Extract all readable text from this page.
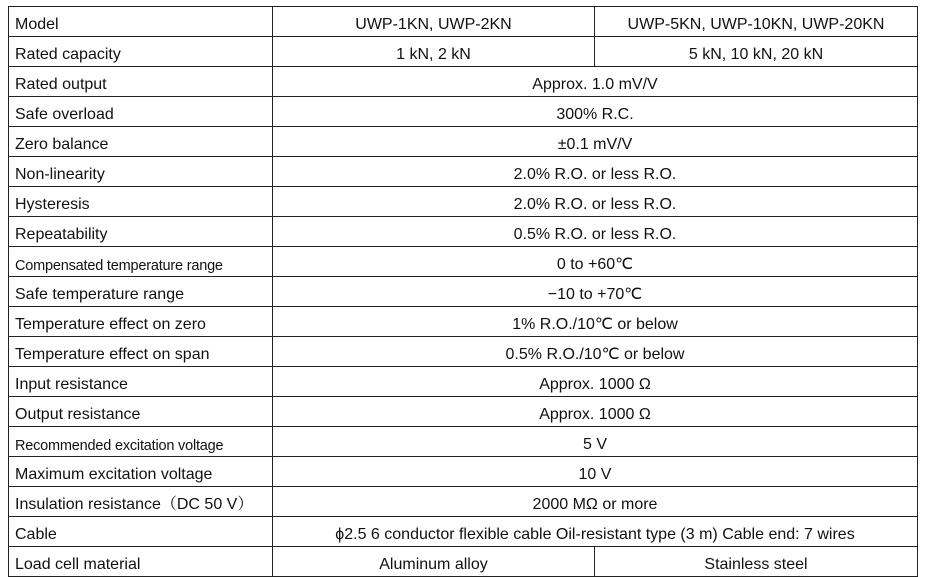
Model	UWP-1KN, UWP-2KN	UWP-5KN, UWP-10KN, UWP-20KN
Rated capacity	1 kN, 2 kN	5 kN, 10 kN, 20 kN
Rated output	Approx. 1.0 mV/V	
Safe overload	300% R.C.	
Zero balance	±0.1 mV/V	
Non-linearity	2.0% R.O. or less R.O.	
Hysteresis	2.0% R.O. or less R.O.	
Repeatability	0.5% R.O. or less R.O.	
Compensated temperature range	0 to +60℃	
Safe temperature range	−10 to +70℃	
Temperature effect on zero	1% R.O./10℃ or below	
Temperature effect on span	0.5% R.O./10℃ or below	
Input resistance	Approx. 1000 Ω	
Output resistance	Approx. 1000 Ω	
Recommended excitation voltage	5 V	
Maximum excitation voltage	10 V	
Insulation resistance（DC 50 V）	2000 MΩ or more	
Cable	ϕ2.5 6 conductor flexible cable Oil-resistant type (3 m) Cable end: 7 wires	
Load cell material	Aluminum alloy	Stainless steel
